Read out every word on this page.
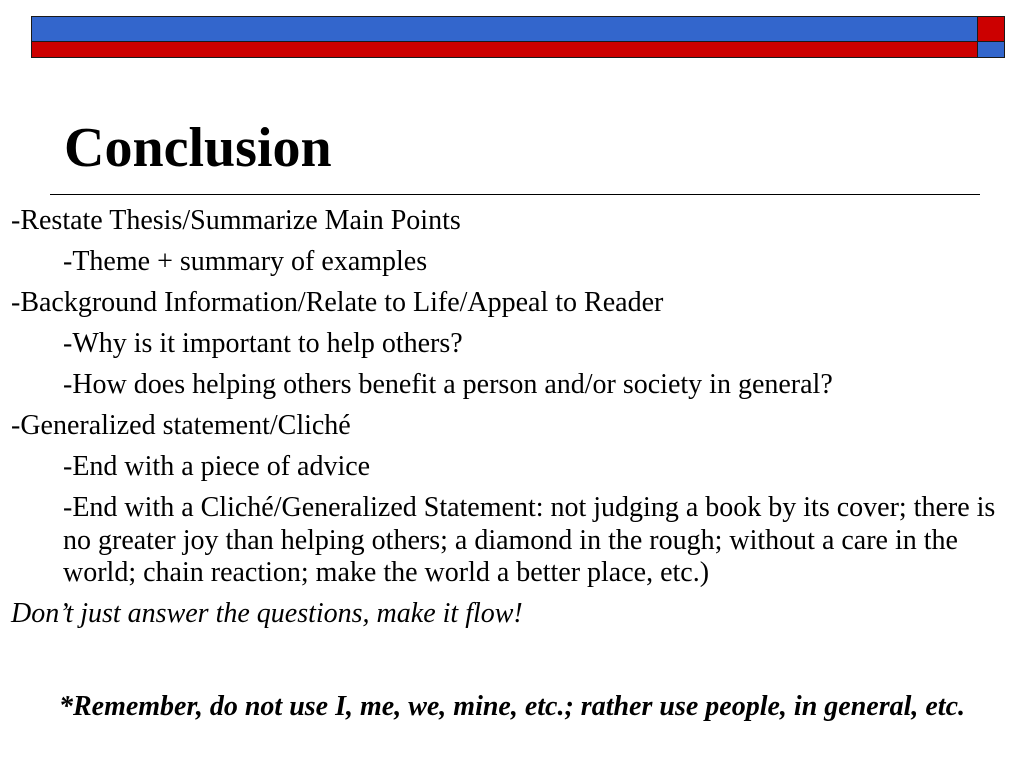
Conclusion

-Restate Thesis/Summarize Main Points

-Theme + summary of examples

-Background Information/Relate to Life/Appeal to Reader

-Why is it important to help others?

-How does helping others benefit a person and/or society in general?

-Generalized statement/Cliché

-End with a piece of advice

-End with a Cliché/Generalized Statement: not judging a book by its cover; there is no greater joy than helping others; a diamond in the rough; without a care in the world; chain reaction; make the world a better place, etc.)

Don’t just answer the questions, make it flow!

*Remember, do not use I, me, we, mine, etc.; rather use people, in general, etc.
